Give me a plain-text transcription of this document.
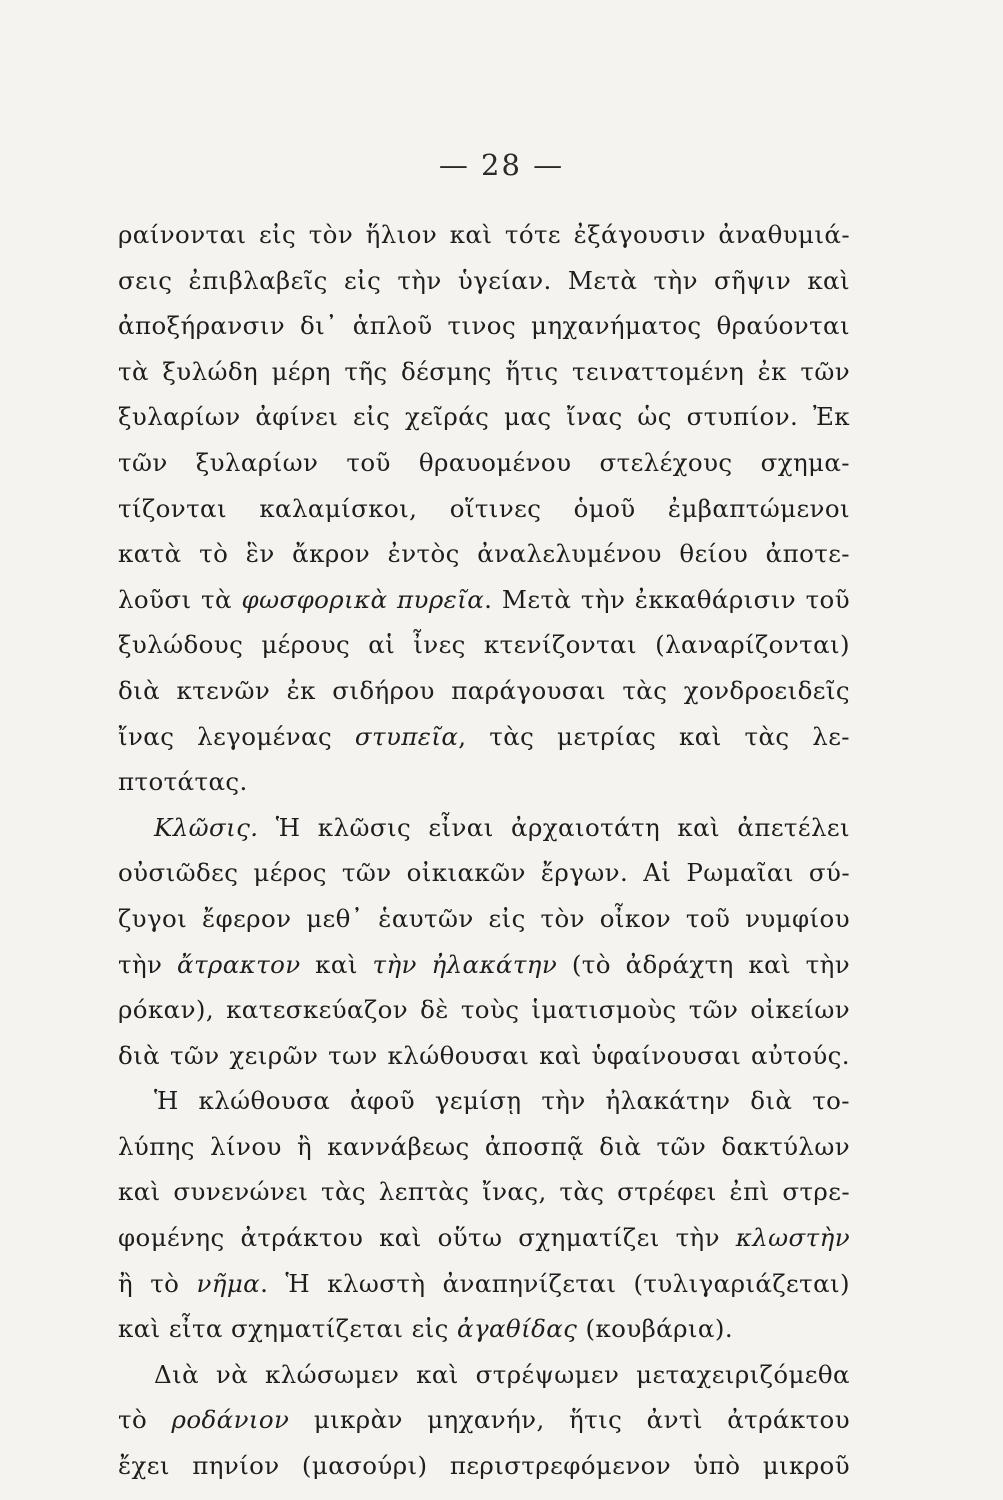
— 28 —
ραίνονται εἰς τὸν ἥλιον καὶ τότε ἐξάγουσιν ἀναθυμιά-
σεις ἐπιβλαβεῖς εἰς τὴν ὑγείαν. Μετὰ τὴν σῆψιν καὶ
ἀποξήρανσιν δι᾽ ἁπλοῦ τινος μηχανήματος θραύονται
τὰ ξυλώδη μέρη τῆς δέσμης ἥτις τειναττομένη ἐκ τῶν
ξυλαρίων ἀφίνει εἰς χεῖράς μας ἴνας ὡς στυπίον. Ἐκ
τῶν ξυλαρίων τοῦ θραυομένου στελέχους σχημα-
τίζονται καλαμίσκοι, οἵτινες ὁμοῦ ἐμβαπτώμενοι
κατὰ τὸ ἓν ἄκρον ἐντὸς ἀναλελυμένου θείου ἀποτε-
λοῦσι τὰ φωσφορικὰ πυρεῖα. Μετὰ τὴν ἐκκαθάρισιν τοῦ
ξυλώδους μέρους αἱ ἶνες κτενίζονται (λαναρίζονται)
διὰ κτενῶν ἐκ σιδήρου παράγουσαι τὰς χονδροειδεῖς
ἴνας λεγομένας στυπεῖα, τὰς μετρίας καὶ τὰς λε-
πτοτάτας.
Κλῶσις. Ἡ κλῶσις εἶναι ἀρχαιοτάτη καὶ ἀπετέλει
οὐσιῶδες μέρος τῶν οἰκιακῶν ἔργων. Αἱ Ρωμαῖαι σύ-
ζυγοι ἔφερον μεθ᾽ ἑαυτῶν εἰς τὸν οἶκον τοῦ νυμφίου
τὴν ἄτρακτον καὶ τὴν ἠλακάτην (τὸ ἀδράχτη καὶ τὴν
ρόκαν), κατεσκεύαζον δὲ τοὺς ἱματισμοὺς τῶν οἰκείων
διὰ τῶν χειρῶν των κλώθουσαι καὶ ὑφαίνουσαι αὐτούς.
Ἡ κλώθουσα ἀφοῦ γεμίσῃ τὴν ἠλακάτην διὰ το-
λύπης λίνου ἢ καννάβεως ἀποσπᾷ διὰ τῶν δακτύλων
καὶ συνενώνει τὰς λεπτὰς ἴνας, τὰς στρέφει ἐπὶ στρε-
φομένης ἀτράκτου καὶ οὕτω σχηματίζει τὴν κλωστὴν
ἢ τὸ νῆμα. Ἡ κλωστὴ ἀναπηνίζεται (τυλιγαριάζεται)
καὶ εἶτα σχηματίζεται εἰς ἀγαθίδας (κουβάρια).
Διὰ νὰ κλώσωμεν καὶ στρέψωμεν μεταχειριζόμεθα
τὸ ροδάνιον μικρὰν μηχανήν, ἥτις ἀντὶ ἀτράκτου
ἔχει πηνίον (μασούρι) περιστρεφόμενον ὑπὸ μικροῦ
